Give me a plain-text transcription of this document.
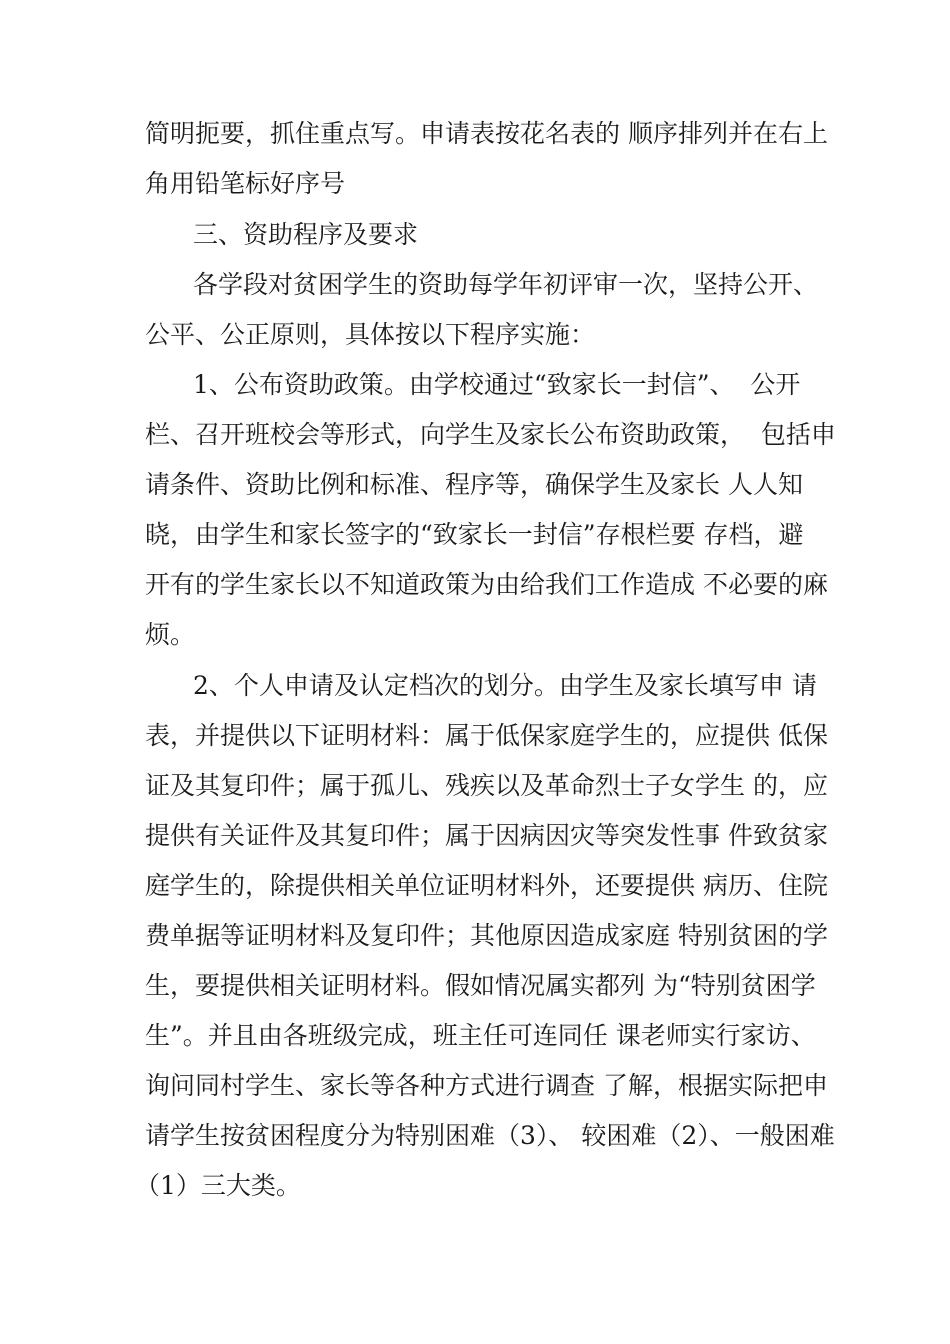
简明扼要，抓住重点写。申请表按花名表的 顺序排列并在右上
角用铅笔标好序号
三、资助程序及要求
各学段对贫困学生的资助每学年初评审一次，坚持公开、
公平、公正原则，具体按以下程序实施：
1、公布资助政策。由学校通过“致家长一封信”、  公开
栏、召开班校会等形式，向学生及家长公布资助政策，  包括申
请条件、资助比例和标准、程序等，确保学生及家长 人人知
晓，由学生和家长签字的“致家长一封信”存根栏要 存档，避
开有的学生家长以不知道政策为由给我们工作造成 不必要的麻
烦。
2、个人申请及认定档次的划分。由学生及家长填写申 请
表，并提供以下证明材料：属于低保家庭学生的，应提供 低保
证及其复印件；属于孤儿、残疾以及革命烈士子女学生 的，应
提供有关证件及其复印件；属于因病因灾等突发性事 件致贫家
庭学生的，除提供相关单位证明材料外，还要提供 病历、住院
费单据等证明材料及复印件；其他原因造成家庭 特别贫困的学
生，要提供相关证明材料。假如情况属实都列 为“特别贫困学
生”。并且由各班级完成，班主任可连同任 课老师实行家访、
询问同村学生、家长等各种方式进行调查 了解，根据实际把申
请学生按贫困程度分为特别困难（3）、 较困难（2）、一般困难
（1）三大类。
